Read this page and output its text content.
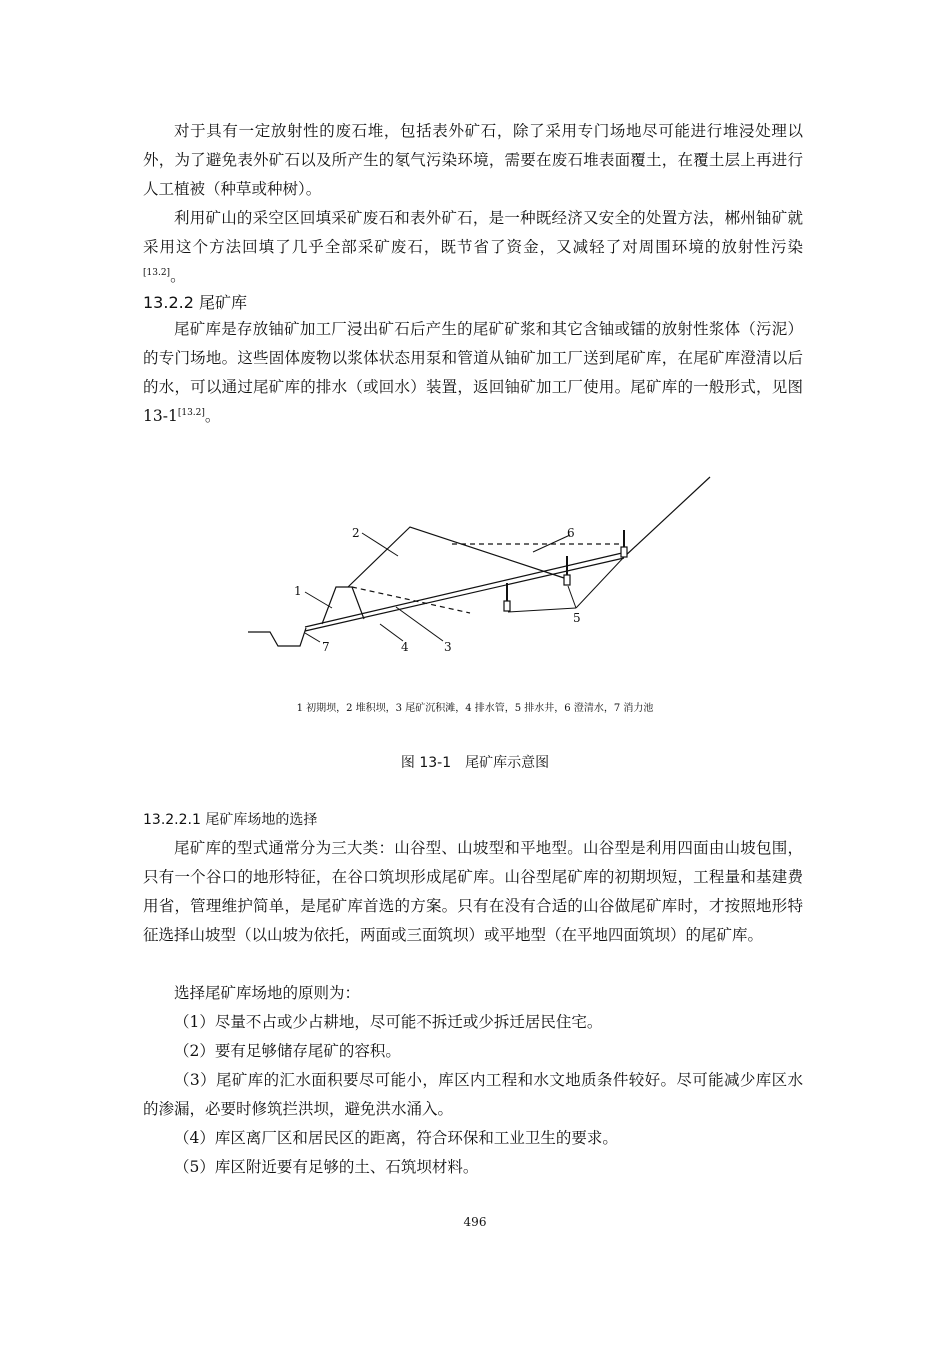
对于具有一定放射性的废石堆，包括表外矿石，除了采用专门场地尽可能进行堆浸处理以外，为了避免表外矿石以及所产生的氡气污染环境，需要在废石堆表面覆土，在覆土层上再进行人工植被（种草或种树）。
利用矿山的采空区回填采矿废石和表外矿石，是一种既经济又安全的处置方法，郴州铀矿就采用这个方法回填了几乎全部采矿废石，既节省了资金，又减轻了对周围环境的放射性污染[13.2]。
13.2.2 尾矿库
尾矿库是存放铀矿加工厂浸出矿石后产生的尾矿矿浆和其它含铀或镭的放射性浆体（污泥）的专门场地。这些固体废物以浆体状态用泵和管道从铀矿加工厂送到尾矿库，在尾矿库澄清以后的水，可以通过尾矿库的排水（或回水）装置，返回铀矿加工厂使用。尾矿库的一般形式，见图 13-1[13.2]。
1
2
3
4
5
6
7
1 初期坝，2 堆积坝，3 尾矿沉积滩，4 排水管，5 排水井，6 澄清水，7 消力池
图 13-1　尾矿库示意图
13.2.2.1 尾矿库场地的选择
尾矿库的型式通常分为三大类：山谷型、山坡型和平地型。山谷型是利用四面由山坡包围，只有一个谷口的地形特征，在谷口筑坝形成尾矿库。山谷型尾矿库的初期坝短，工程量和基建费用省，管理维护简单，是尾矿库首选的方案。只有在没有合适的山谷做尾矿库时，才按照地形特征选择山坡型（以山坡为依托，两面或三面筑坝）或平地型（在平地四面筑坝）的尾矿库。
选择尾矿库场地的原则为：
（1）尽量不占或少占耕地，尽可能不拆迁或少拆迁居民住宅。
（2）要有足够储存尾矿的容积。
（3）尾矿库的汇水面积要尽可能小，库区内工程和水文地质条件较好。尽可能减少库区水的渗漏，必要时修筑拦洪坝，避免洪水涌入。
（4）库区离厂区和居民区的距离，符合环保和工业卫生的要求。
（5）库区附近要有足够的土、石筑坝材料。
496
